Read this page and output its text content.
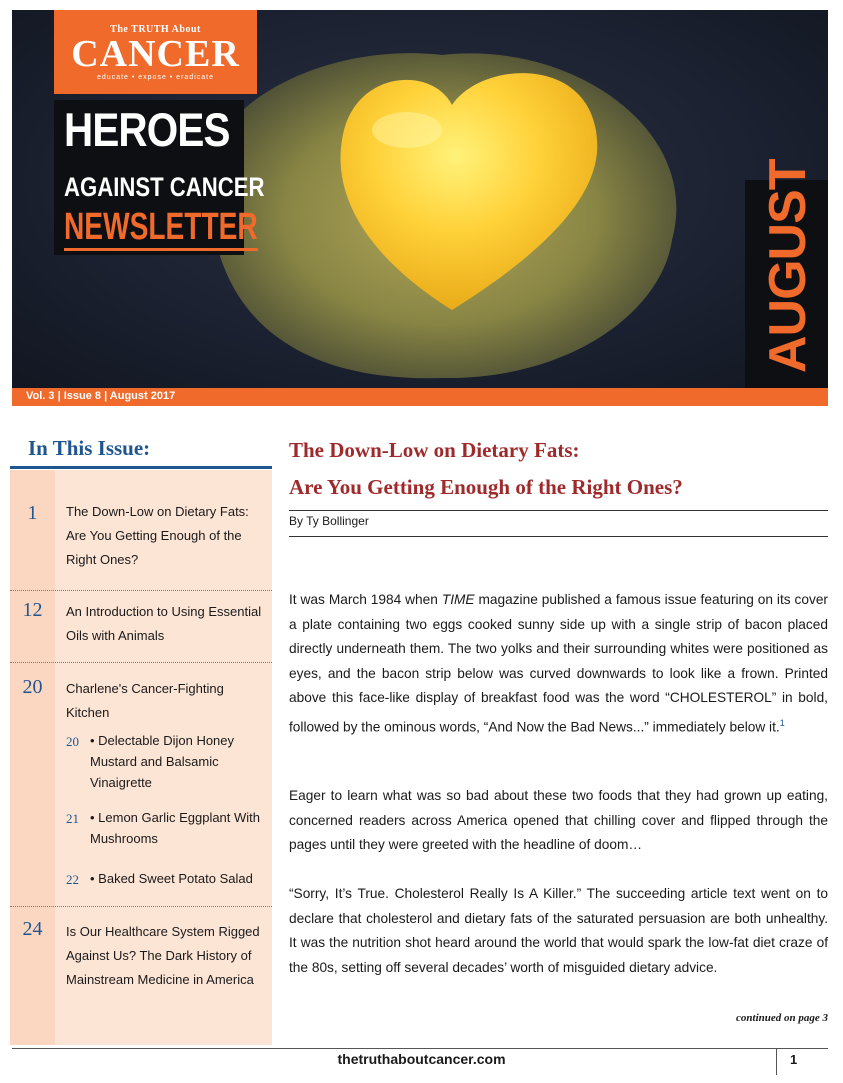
The TRUTH About
CANCER
educate • expose • eradicate
HEROES
AGAINST CANCER
NEWSLETTER	AUGUST
Vol. 3 | Issue 8 | August 2017
In This Issue:
1	The Down-Low on Dietary Fats: Are You Getting Enough of the Right Ones?
12	An Introduction to Using Essential Oils with Animals
20	Charlene's Cancer-Fighting Kitchen
20 • Delectable Dijon Honey Mustard and Balsamic Vinaigrette
21 • Lemon Garlic Eggplant With Mushrooms
22 • Baked Sweet Potato Salad
24	Is Our Healthcare System Rigged Against Us? The Dark History of Mainstream Medicine in America
The Down-Low on Dietary Fats:
Are You Getting Enough of the Right Ones?
By Ty Bollinger
It was March 1984 when TIME magazine published a famous issue featuring on its cover a plate containing two eggs cooked sunny side up with a single strip of bacon placed directly underneath them. The two yolks and their surrounding whites were positioned as eyes, and the bacon strip below was curved downwards to look like a frown. Printed above this face-like display of breakfast food was the word “CHOLESTEROL” in bold, followed by the ominous words, “And Now the Bad News...” immediately below it.$^1$
Eager to learn what was so bad about these two foods that they had grown up eating, concerned readers across America opened that chilling cover and flipped through the pages until they were greeted with the headline of doom…
“Sorry, It’s True. Cholesterol Really Is A Killer.” The succeeding article text went on to declare that cholesterol and dietary fats of the saturated persuasion are both unhealthy. It was the nutrition shot heard around the world that would spark the low-fat diet craze of the 80s, setting off several decades’ worth of misguided dietary advice.
continued on page 3
thetruthaboutcancer.com	1
